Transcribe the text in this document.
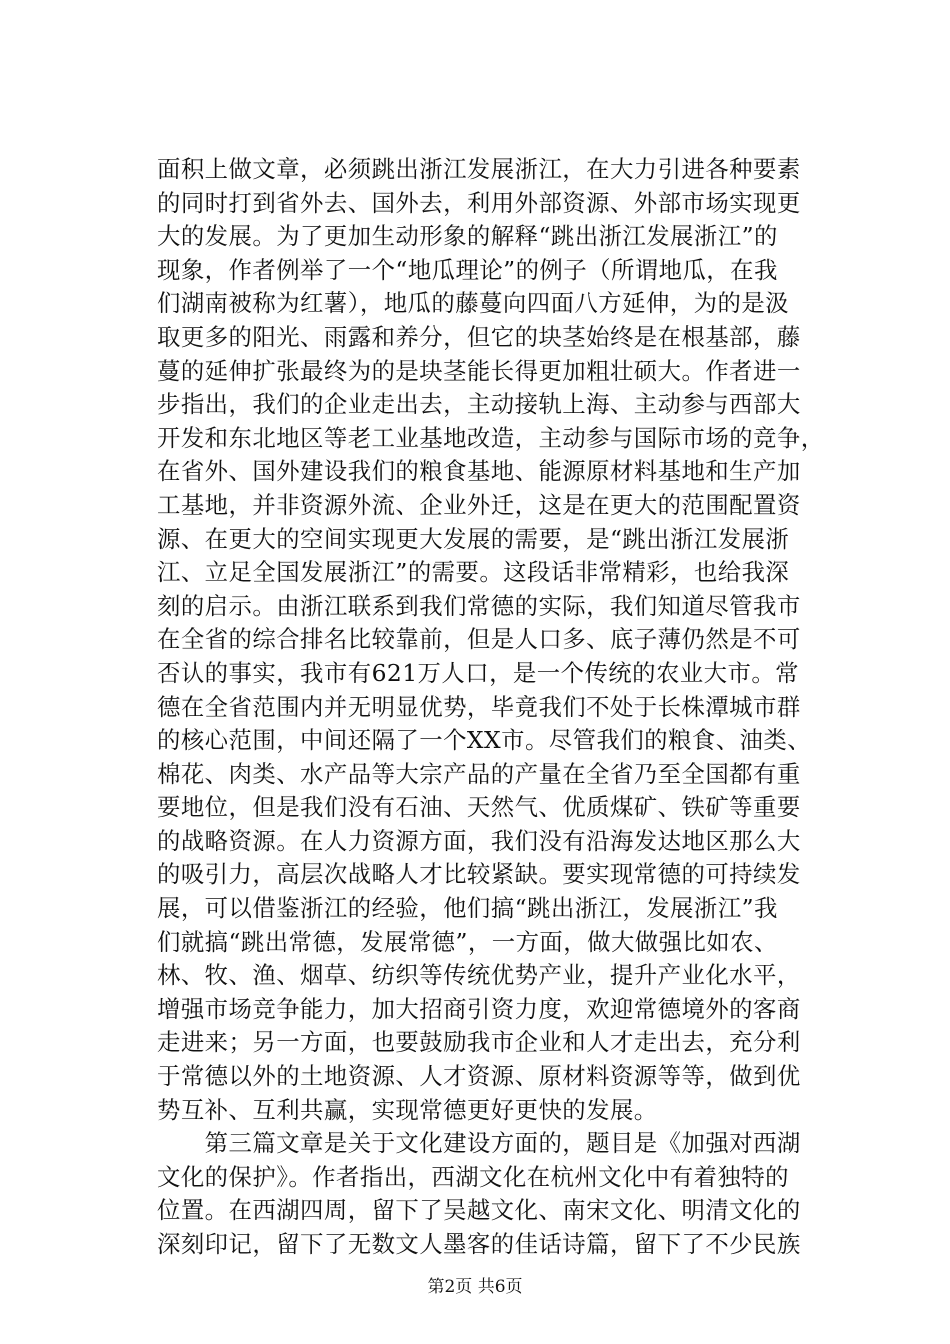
面积上做文章，必须跳出浙江发展浙江，在大力引进各种要素
的同时打到省外去、国外去，利用外部资源、外部市场实现更
大的发展。为了更加生动形象的解释“跳出浙江发展浙江”的
现象，作者例举了一个“地瓜理论”的例子（所谓地瓜，在我
们湖南被称为红薯），地瓜的藤蔓向四面八方延伸，为的是汲
取更多的阳光、雨露和养分，但它的块茎始终是在根基部，藤
蔓的延伸扩张最终为的是块茎能长得更加粗壮硕大。作者进一
步指出，我们的企业走出去，主动接轨上海、主动参与西部大
开发和东北地区等老工业基地改造，主动参与国际市场的竞争，
在省外、国外建设我们的粮食基地、能源原材料基地和生产加
工基地，并非资源外流、企业外迁，这是在更大的范围配置资
源、在更大的空间实现更大发展的需要，是“跳出浙江发展浙
江、立足全国发展浙江”的需要。这段话非常精彩，也给我深
刻的启示。由浙江联系到我们常德的实际，我们知道尽管我市
在全省的综合排名比较靠前，但是人口多、底子薄仍然是不可
否认的事实，我市有621万人口，是一个传统的农业大市。常
德在全省范围内并无明显优势，毕竟我们不处于长株潭城市群
的核心范围，中间还隔了一个XX市。尽管我们的粮食、油类、
棉花、肉类、水产品等大宗产品的产量在全省乃至全国都有重
要地位，但是我们没有石油、天然气、优质煤矿、铁矿等重要
的战略资源。在人力资源方面，我们没有沿海发达地区那么大
的吸引力，高层次战略人才比较紧缺。要实现常德的可持续发
展，可以借鉴浙江的经验，他们搞“跳出浙江，发展浙江”我
们就搞“跳出常德，发展常德”，一方面，做大做强比如农、
林、牧、渔、烟草、纺织等传统优势产业，提升产业化水平，
增强市场竞争能力，加大招商引资力度，欢迎常德境外的客商
走进来；另一方面，也要鼓励我市企业和人才走出去，充分利
于常德以外的土地资源、人才资源、原材料资源等等，做到优
势互补、互利共赢，实现常德更好更快的发展。
　　第三篇文章是关于文化建设方面的，题目是《加强对西湖
文化的保护》。作者指出，西湖文化在杭州文化中有着独特的
位置。在西湖四周，留下了吴越文化、南宋文化、明清文化的
深刻印记，留下了无数文人墨客的佳话诗篇，留下了不少民族
第2页 共6页
